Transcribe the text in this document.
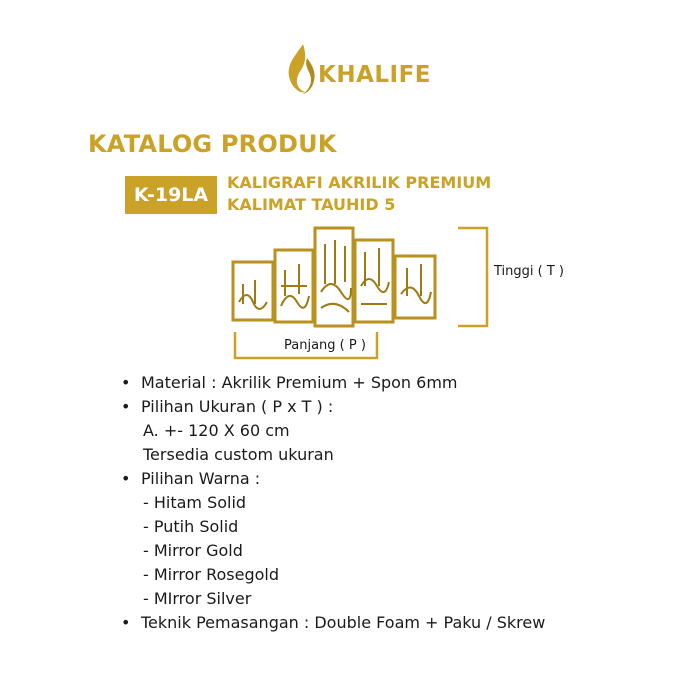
KHALIFE
KATALOG PRODUK
K-19LA
KALIGRAFI AKRILIK PREMIUM
KALIMAT TAUHID 5
Tinggi ( T )
Panjang ( P )
• Material : Akrilik Premium + Spon 6mm
• Pilihan Ukuran ( P x T ) :
A. +- 120 X 60 cm
Tersedia custom ukuran
• Pilihan Warna :
- Hitam Solid
- Putih Solid
- Mirror Gold
- Mirror Rosegold
- MIrror Silver
• Teknik Pemasangan : Double Foam + Paku / Skrew
